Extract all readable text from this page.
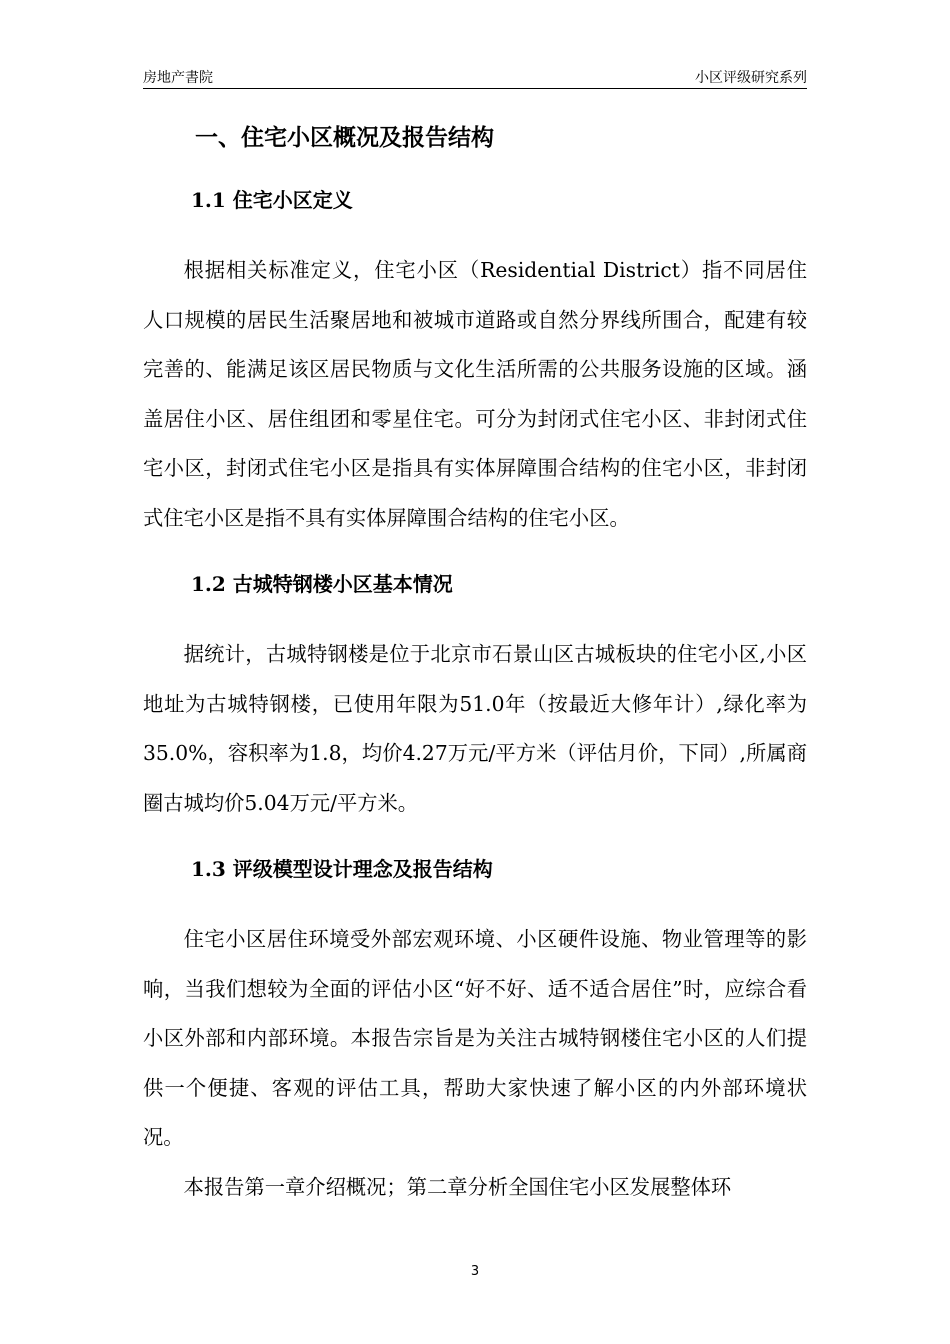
房地产書院	小区评级研究系列
一、住宅小区概况及报告结构
1.1 住宅小区定义

根据相关标准定义，住宅小区（Residential District）指不同居住人口规模的居民生活聚居地和被城市道路或自然分界线所围合，配建有较完善的、能满足该区居民物质与文化生活所需的公共服务设施的区域。涵盖居住小区、居住组团和零星住宅。可分为封闭式住宅小区、非封闭式住宅小区，封闭式住宅小区是指具有实体屏障围合结构的住宅小区，非封闭式住宅小区是指不具有实体屏障围合结构的住宅小区。

1.2 古城特钢楼小区基本情况

据统计，古城特钢楼是位于北京市石景山区古城板块的住宅小区,小区地址为古城特钢楼，已使用年限为51.0年（按最近大修年计）,绿化率为35.0%，容积率为1.8，均价4.27万元/平方米（评估月价，下同）,所属商圈古城均价5.04万元/平方米。

1.3 评级模型设计理念及报告结构

住宅小区居住环境受外部宏观环境、小区硬件设施、物业管理等的影响，当我们想较为全面的评估小区“好不好、适不适合居住”时，应综合看小区外部和内部环境。本报告宗旨是为关注古城特钢楼住宅小区的人们提供一个便捷、客观的评估工具，帮助大家快速了解小区的内外部环境状况。

本报告第一章介绍概况；第二章分析全国住宅小区发展整体环

3
